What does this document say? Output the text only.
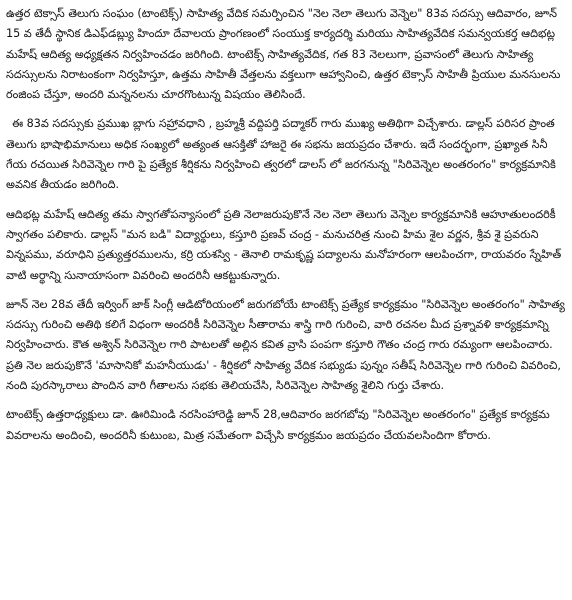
ఉత్తర టెక్సాస్ తెలుగు సంఘం (టాంటెక్స్) సాహిత్య వేదిక సమర్పించిన "నెల నెలా తెలుగు వెన్నెల" 83వ సదస్సు ఆదివారం, జూన్ 15 వ తేదీ స్థానిక డిఎఫ్‌డబ్ల్యు హిందూ దేవాలయ ప్రాంగణంలో సంయుక్త కార్యదర్శి మరియు సాహిత్యవేదిక సమన్వయకర్త ఆదిభట్ల మహేష్ ఆదిత్య అధ్యక్షతన నిర్వహించడం జరిగింది. టాంటెక్స్ సాహిత్యవేదిక, గత 83 నెలలుగా, ప్రవాసంలో తెలుగు సాహిత్య సదస్సులను నిరాటంకంగా నిర్వహిస్తూ, ఉత్తమ సాహితీ వేత్తలను వక్తలుగా ఆహ్వానించి, ఉత్తర టెక్సాస్ సాహితీ ప్రియుల మనసులను రంజింప చేస్తూ, అందరి మన్ననలను చూరగొంటున్న విషయం తెలిసిందే.

ఈ 83వ సదస్సుకు ప్రముఖ బ్లాగు సహ్రావధాని , బ్రహ్మశ్రీ వద్దిపర్తి పద్మాకర్ గారు ముఖ్య అతిథిగా విచ్చేశారు. డాల్లస్ పరిసర ప్రాంత తెలుగు భాషాభిమానులు అధిక సంఖ్యలో అత్యంత ఆసక్తితో హాజరై ఈ సభను జయప్రదం చేశారు. ఇదే సందర్భంగా, ప్రఖ్యాత సినీ గేయ రచయిత సిరివెన్నెల గారి పై ప్రత్యేక శీర్షికను నిర్వహించి త్వరలో డాలస్ లో జరగనున్న "సిరివెన్నెల అంతరంగం" కార్యక్రమానికి అవనిక తీయడం జరిగింది.

ఆదిభట్ల మహేష్ ఆదిత్య తమ స్వాగతోపన్యాసంలో ప్రతి నెలాజరుపుకొనే నెల నెలా తెలుగు వెన్నెల కార్యక్రమానికి ఆహూతులందరికీ స్వాగతం పలికారు. డాల్లస్ "మన బడి" విద్యార్థులు, కస్తూరి ప్రణవ్ చంద్ర - మనుచరిత్ర నుంచి హిమ శైల వర్ణన, శ్రీవ శై ప్రవరుని విన్నపము, వరూధిని ప్రత్యుత్తరములను, కర్రి యశస్వి - తెనాలి రామకృష్ణ పద్యాలను మనోహరంగా ఆలపించగా, రాయవరం స్నేహిత్ వాటి అర్థాన్ని సునాయాసంగా వివరించి అందరినీ ఆకట్టుకున్నారు.

జూన్ నెల 28వ తేదీ ఇర్వింగ్ జాక్ సింగ్లీ ఆడిటోరియంలో జరుగబోయే టాంటెక్స్ ప్రత్యేక కార్యక్రమం "సిరివెన్నెల అంతరంగం" సాహిత్య సదస్సు గురించి అతిథి కలిగే విధంగా అందరికీ సిరివెన్నెల సీతారామ శాస్త్రి గారి గురించి, వారి రచనల మీద ప్రశ్నావళి కార్యక్రమాన్ని నిర్వహించారు. కౌత అశ్విన్ సిరివెన్నెల గారి పాటలతో అల్లిన కవిత వ్రాసి పంపగా కస్తూరి గౌతం చంద్ర గారు రమ్యంగా ఆలపించారు. ప్రతి నెల జరుపుకొనే 'మాసానికో మహనీయుడు' - శీర్షికలో సాహిత్య వేదిక సభ్యుడు పున్నం సతీష్ సిరివెన్నెల గారి గురించి వివరించి, నంది పురస్కారాలు పొందిన వారి గీతాలను సభకు తెలియచేసి, సిరివెన్నెల సాహిత్య శైలిని గుర్తు చేశారు.

టాంటెక్స్ ఉత్తరాధ్యక్షులు డా. ఊరిమిండి నరసింహారెడ్డి జూన్ 28,ఆదివారం జరగబోవు "సిరివెన్నెల అంతరంగం" ప్రత్యేక కార్యక్రమ వివరాలను అందించి, అందరినీ కుటుంబ, మిత్ర సమేతంగా విచ్చేసి కార్యక్రమం జయప్రదం చేయవలసిందిగా కోరారు.
